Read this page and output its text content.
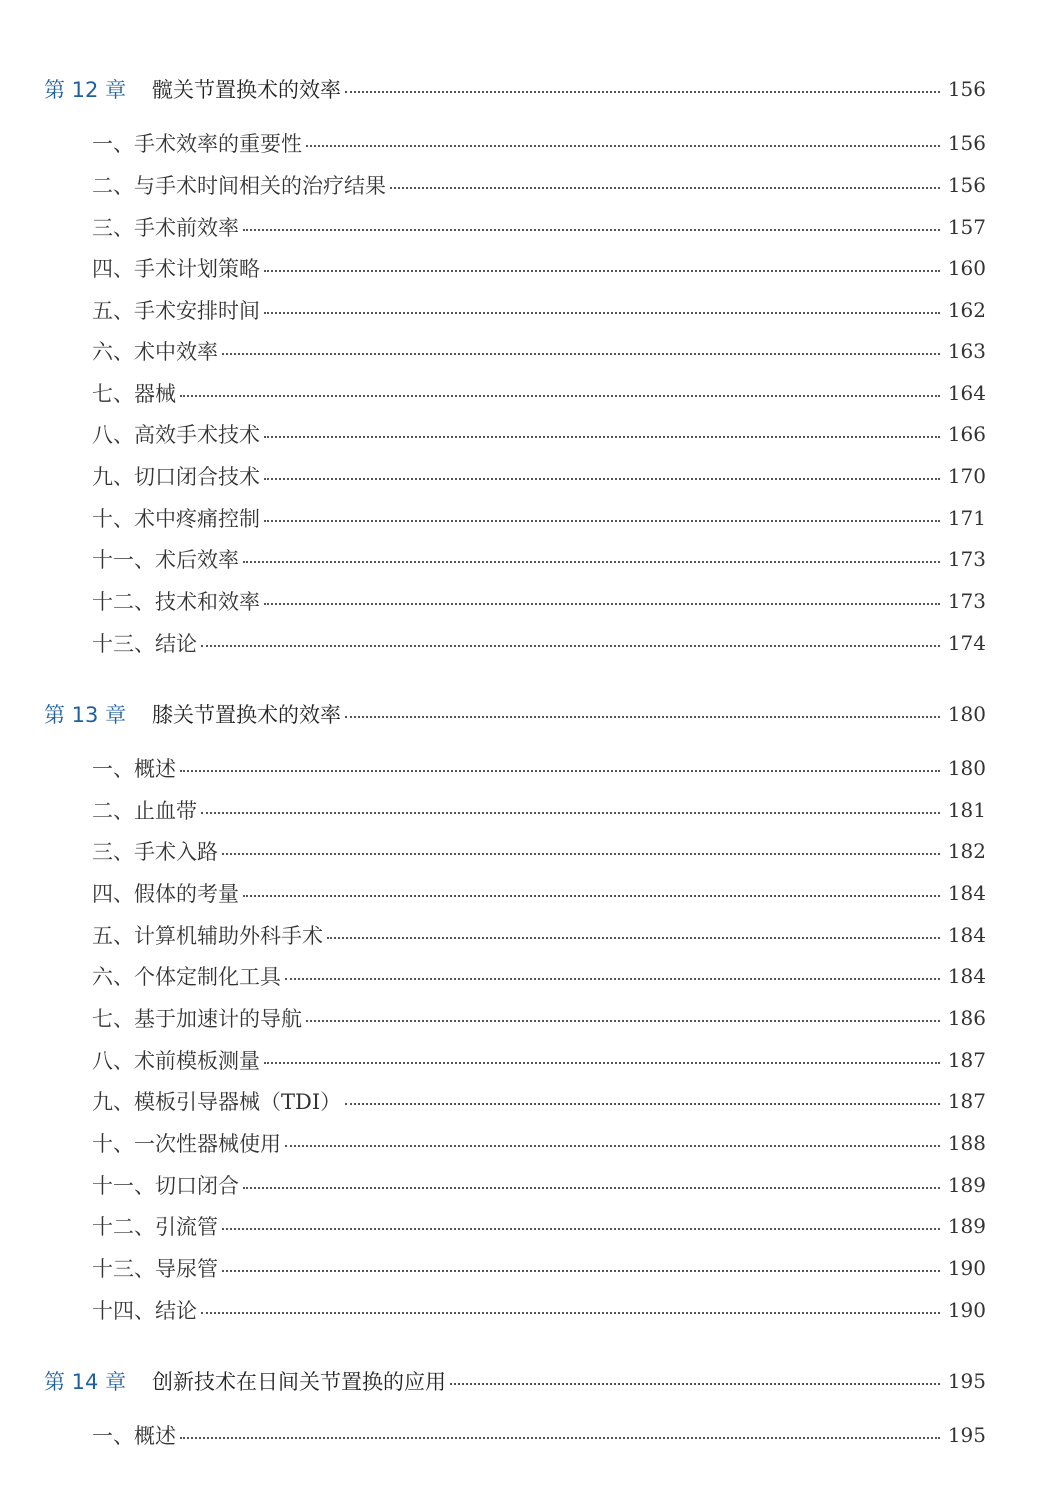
第 12 章	髋关节置换术的效率	156
一、手术效率的重要性	156
二、与手术时间相关的治疗结果	156
三、手术前效率	157
四、手术计划策略	160
五、手术安排时间	162
六、术中效率	163
七、器械	164
八、高效手术技术	166
九、切口闭合技术	170
十、术中疼痛控制	171
十一、术后效率	173
十二、技术和效率	173
十三、结论	174
第 13 章	膝关节置换术的效率	180
一、概述	180
二、止血带	181
三、手术入路	182
四、假体的考量	184
五、计算机辅助外科手术	184
六、个体定制化工具	184
七、基于加速计的导航	186
八、术前模板测量	187
九、模板引导器械（TDI）	187
十、一次性器械使用	188
十一、切口闭合	189
十二、引流管	189
十三、导尿管	190
十四、结论	190
第 14 章	创新技术在日间关节置换的应用	195
一、概述	195
